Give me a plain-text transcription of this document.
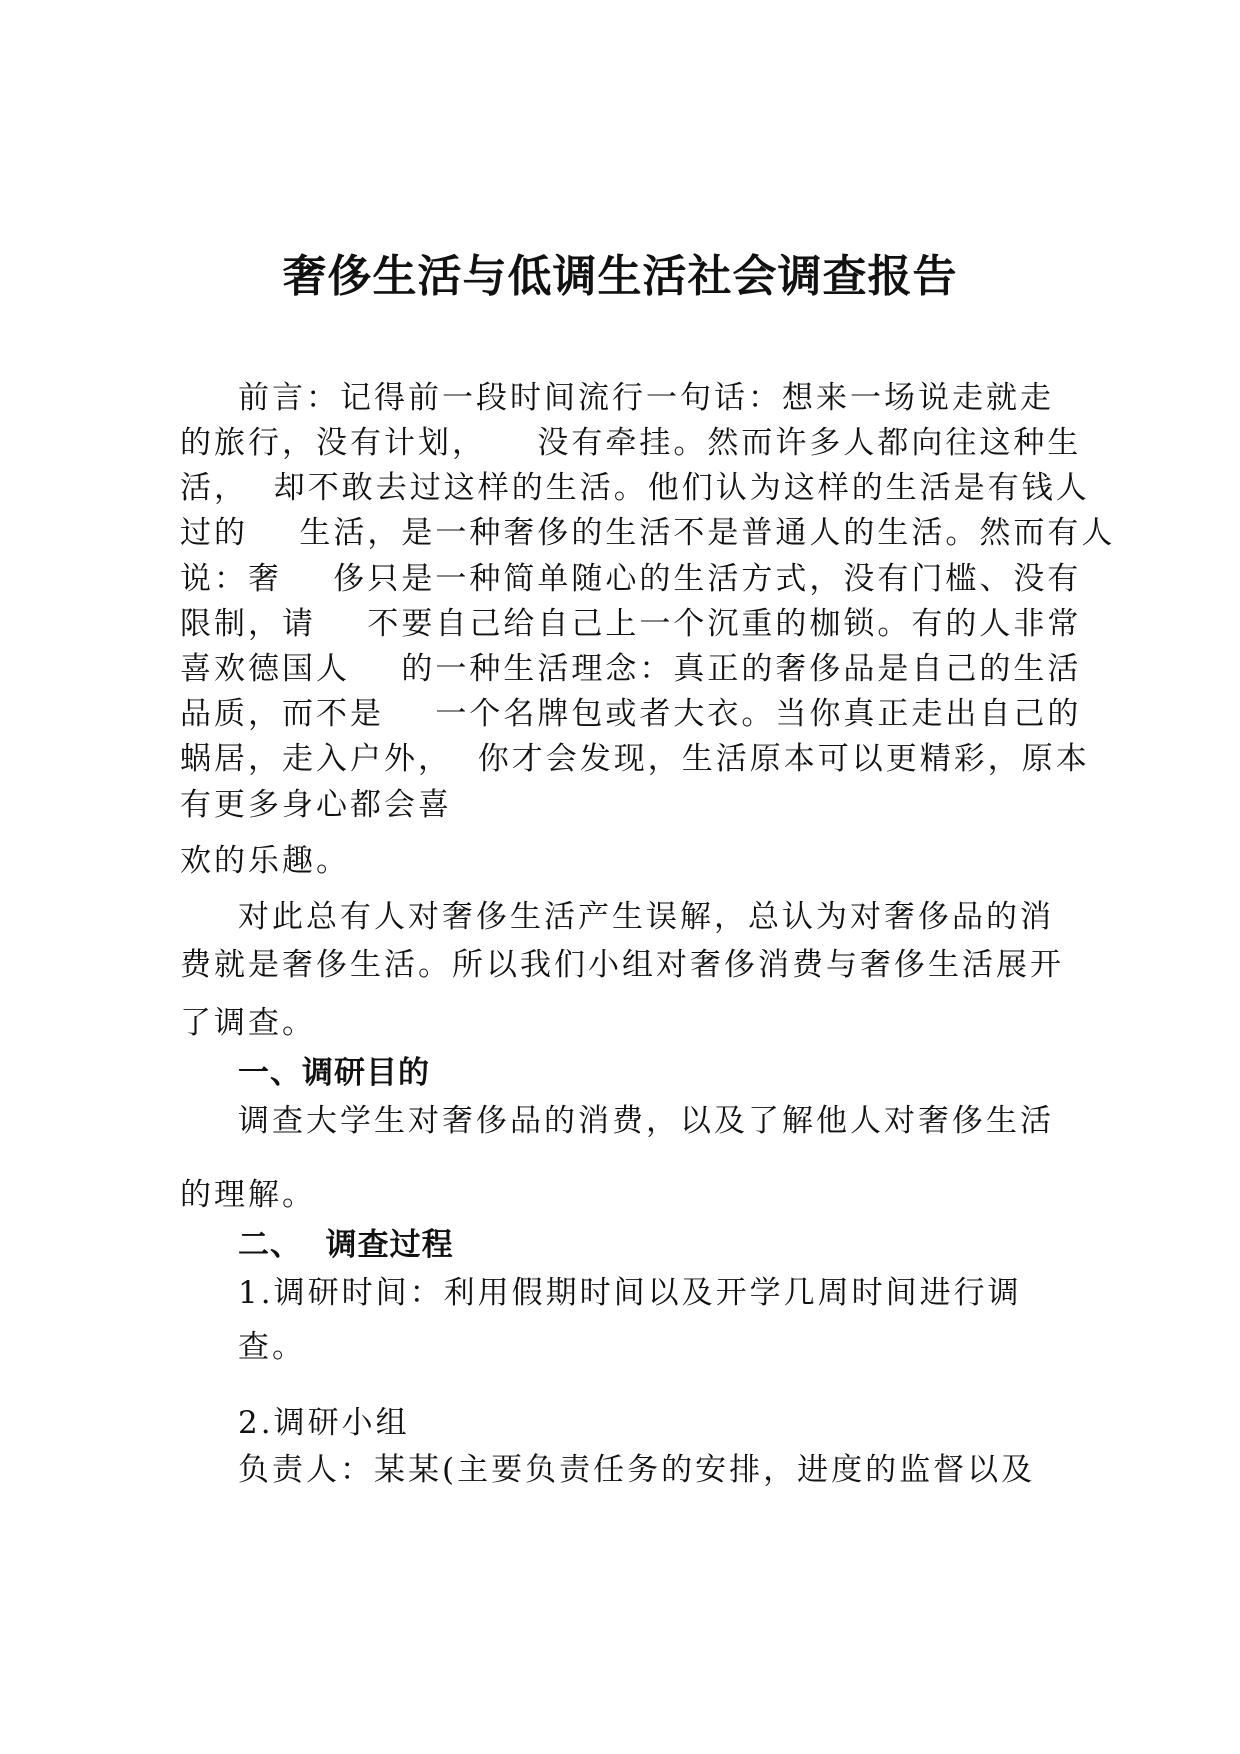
奢侈生活与低调生活社会调查报告
前言：记得前一段时间流行一句话：想来一场说走就走
的旅行，没有计划，    没有牵挂。然而许多人都向往这种生
活，  却不敢去过这样的生活。他们认为这样的生活是有钱人
过的    生活，是一种奢侈的生活不是普通人的生活。然而有人
说：奢    侈只是一种简单随心的生活方式，没有门槛、没有
限制，请    不要自己给自己上一个沉重的枷锁。有的人非常
喜欢德国人    的一种生活理念：真正的奢侈品是自己的生活
品质，而不是    一个名牌包或者大衣。当你真正走出自己的
蜗居，走入户外，  你才会发现，生活原本可以更精彩，原本
有更多身心都会喜
欢的乐趣。
对此总有人对奢侈生活产生误解，总认为对奢侈品的消
费就是奢侈生活。所以我们小组对奢侈消费与奢侈生活展开
了调查。
一、调研目的
调查大学生对奢侈品的消费，以及了解他人对奢侈生活
的理解。
二、  调查过程
1.调研时间：利用假期时间以及开学几周时间进行调
查。
2.调研小组
负责人：某某(主要负责任务的安排，进度的监督以及
